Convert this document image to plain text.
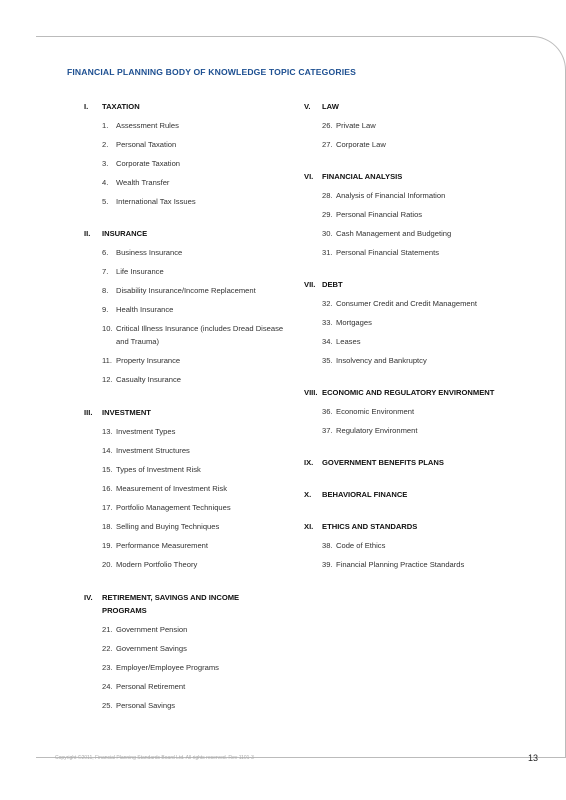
FINANCIAL PLANNING BODY OF KNOWLEDGE TOPIC CATEGORIES
I.	TAXATION
1.	Assessment Rules
2.	Personal Taxation
3.	Corporate Taxation
4.	Wealth Transfer
5.	International Tax Issues
II.	INSURANCE
6.	Business Insurance
7.	Life Insurance
8.	Disability Insurance/Income Replacement
9.	Health Insurance
10. Critical Illness Insurance (includes Dread Disease and Trauma)
11. Property Insurance
12. Casualty Insurance
III.	INVESTMENT
13. Investment Types
14. Investment Structures
15. Types of Investment Risk
16. Measurement of Investment Risk
17. Portfolio Management Techniques
18. Selling and Buying Techniques
19. Performance Measurement
20. Modern Portfolio Theory
IV.	RETIREMENT, SAVINGS AND INCOME PROGRAMS
21. Government Pension
22. Government Savings
23. Employer/Employee Programs
24. Personal Retirement
25. Personal Savings
V.	LAW
26. Private Law
27. Corporate Law
VI.	FINANCIAL ANALYSIS
28. Analysis of Financial Information
29. Personal Financial Ratios
30. Cash Management and Budgeting
31. Personal Financial Statements
VII. DEBT
32. Consumer Credit and Credit Management
33. Mortgages
34. Leases
35. Insolvency and Bankruptcy
VIII. ECONOMIC AND REGULATORY ENVIRONMENT
36. Economic Environment
37. Regulatory Environment
IX.	GOVERNMENT BENEFITS PLANS
X.	BEHAVIORAL FINANCE
XI.	ETHICS AND STANDARDS
38. Code of Ethics
39. Financial Planning Practice Standards
Copyright ©2011, Financial Planning Standards Board Ltd. All rights reserved. Rev 1101-3	13
